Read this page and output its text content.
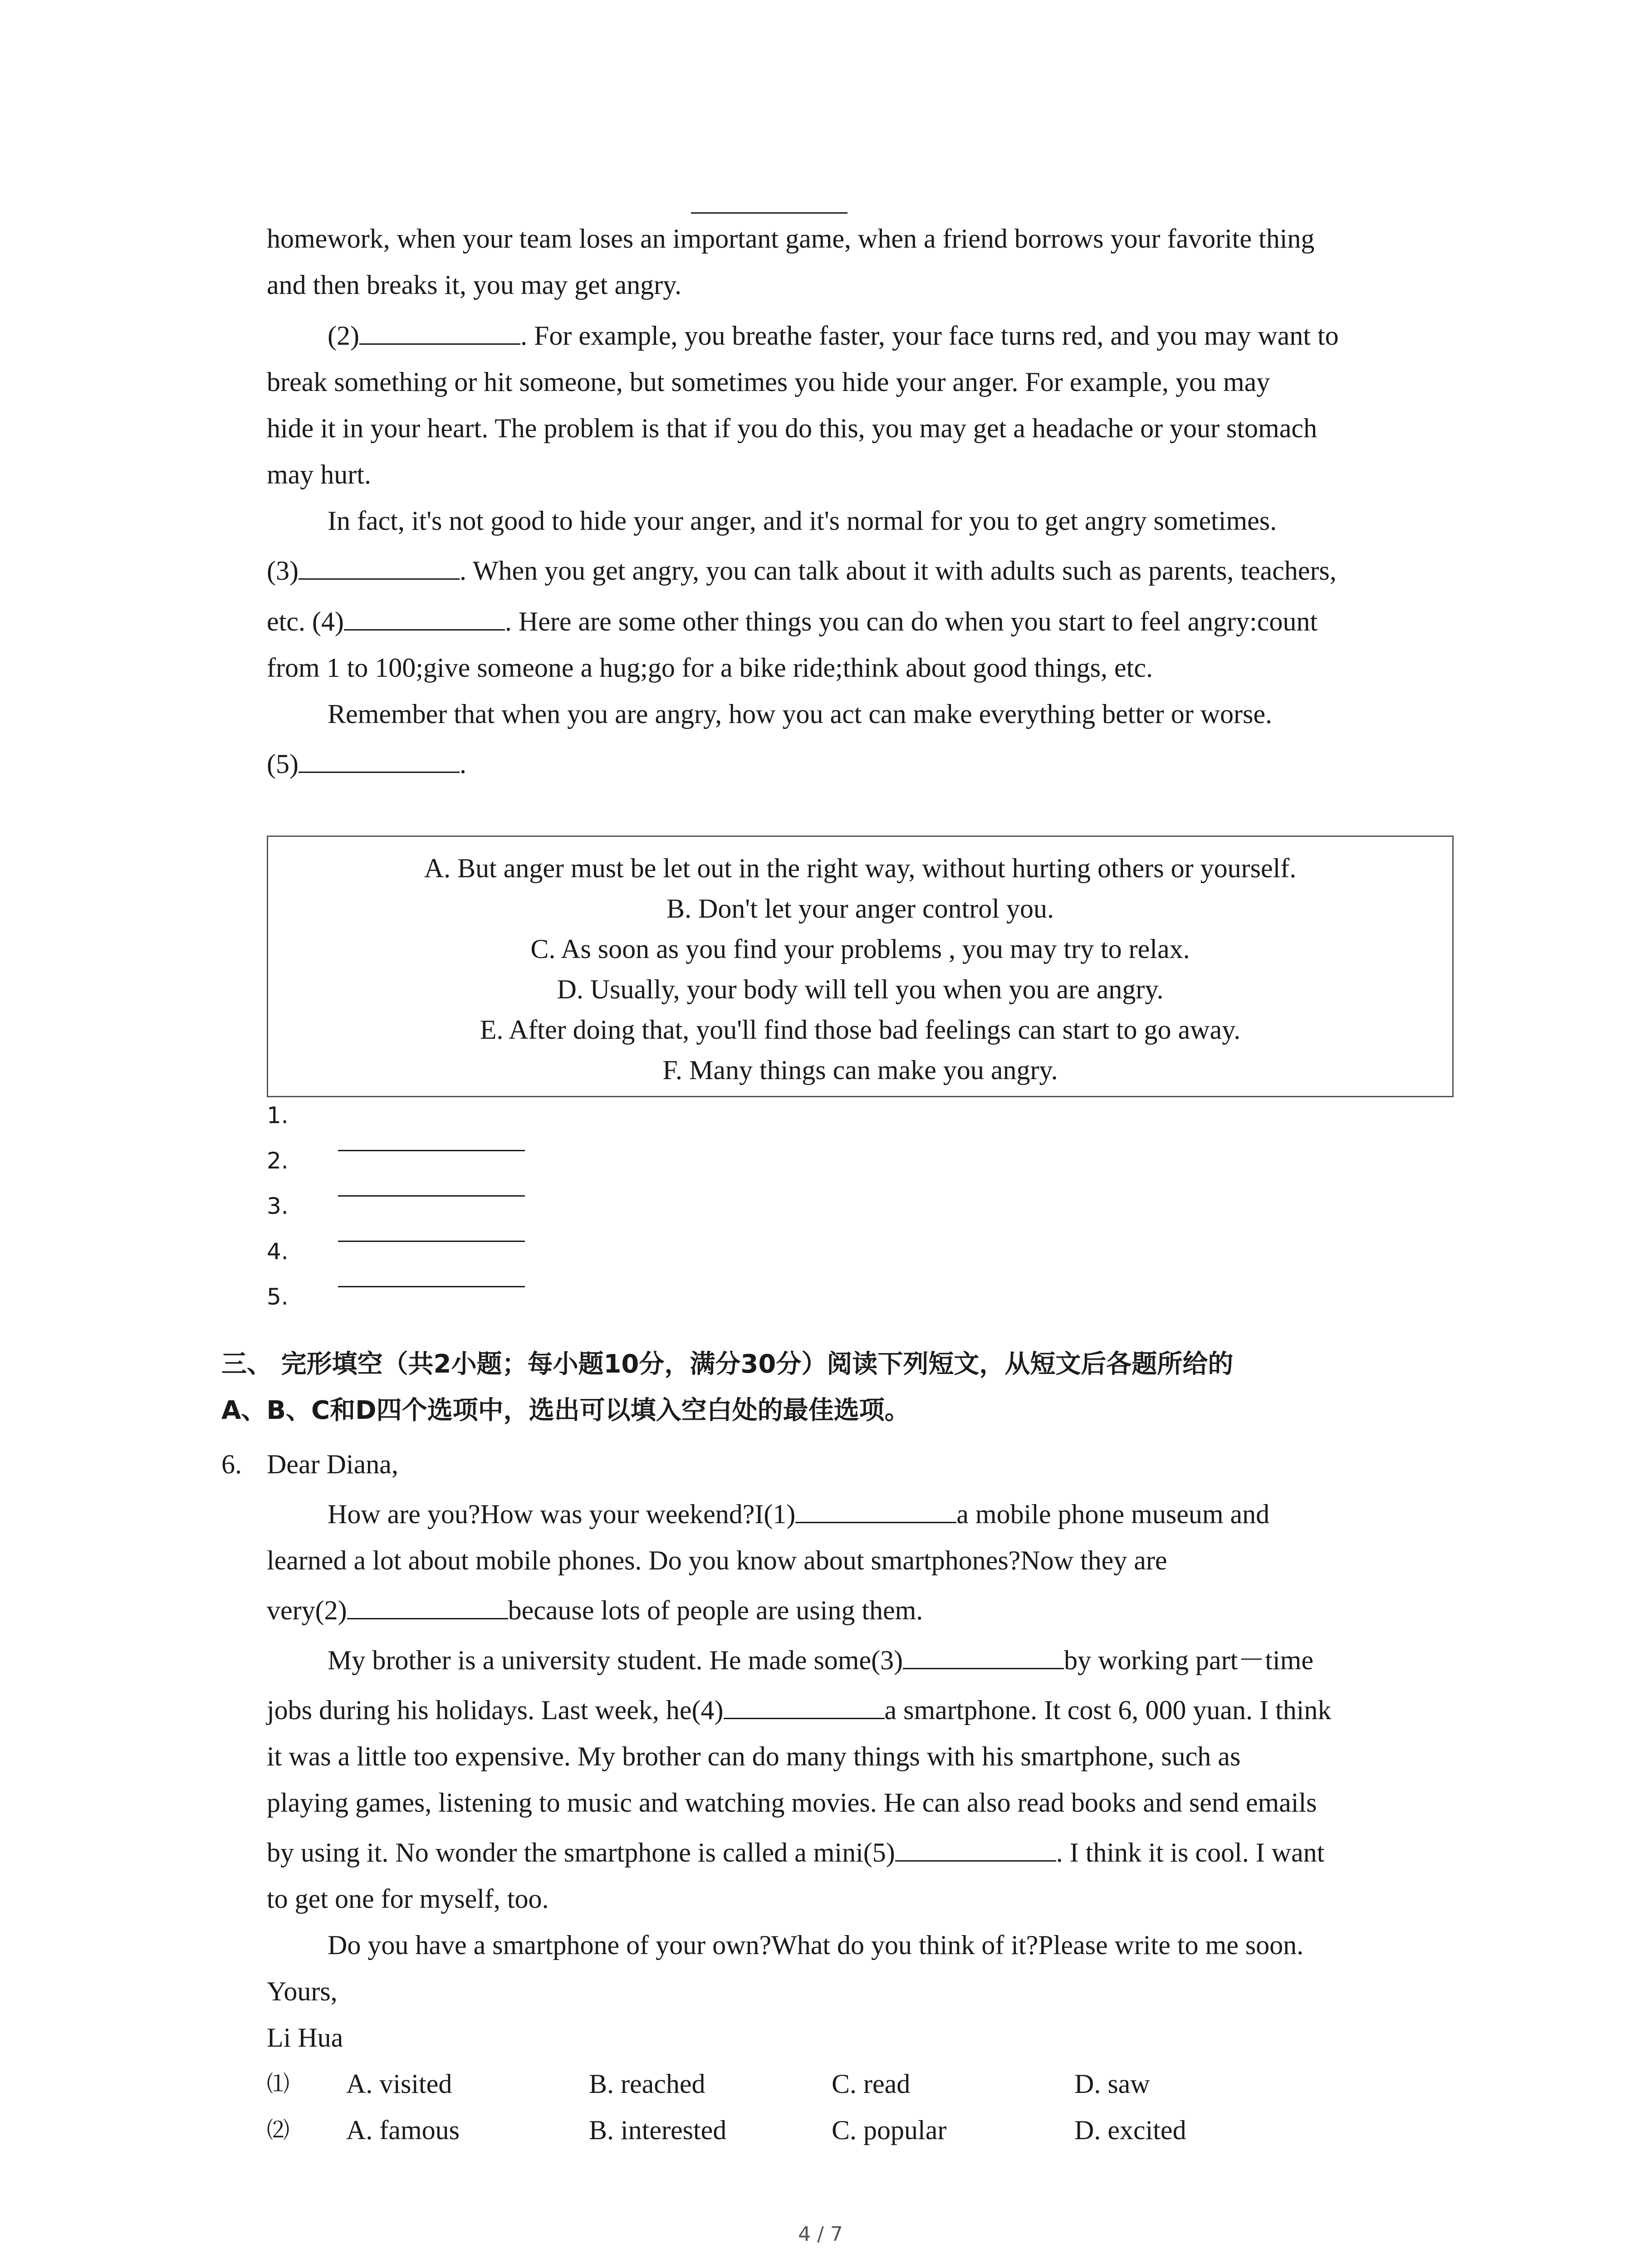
homework, when your team loses an important game, when a friend borrows your favorite thing
and then breaks it, you may get angry.
(2)	. For example, you breathe faster, your face turns red, and you may want to
break something or hit someone, but sometimes you hide your anger. For example, you may
hide it in your heart. The problem is that if you do this, you may get a headache or your stomach
may hurt.
In fact, it's not good to hide your anger, and it's normal for you to get angry sometimes.
(3)	. When you get angry, you can talk about it with adults such as parents, teachers,
etc. (4)	. Here are some other things you can do when you start to feel angry:count
from 1 to 100;give someone a hug;go for a bike ride;think about good things, etc.
Remember that when you are angry, how you act can make everything better or worse.
(5)	.
A. But anger must be let out in the right way, without hurting others or yourself.
B. Don't let your anger control you.
C. As soon as you find your problems , you may try to relax.
D. Usually, your body will tell you when you are angry.
E. After doing that, you'll find those bad feelings can start to go away.
F. Many things can make you angry.
1.
2.
3.
4.
5.
三、 完形填空（共2小题；每小题10分，满分30分）阅读下列短文，从短文后各题所给的
A、B、C和D四个选项中，选出可以填入空白处的最佳选项。
6. Dear Diana,
How are you?How was your weekend?I(1)	a mobile phone museum and
learned a lot about mobile phones. Do you know about smartphones?Now they are
very(2)	because lots of people are using them.
My brother is a university student. He made some(3)	by working part－time
jobs during his holidays. Last week, he(4)	a smartphone. It cost 6, 000 yuan. I think
it was a little too expensive. My brother can do many things with his smartphone, such as
playing games, listening to music and watching movies. He can also read books and send emails
by using it. No wonder the smartphone is called a mini(5)	. I think it is cool. I want
to get one for myself, too.
Do you have a smartphone of your own?What do you think of it?Please write to me soon.
Yours,
Li Hua
⑴ A. visited	B. reached	C. read	D. saw
⑵ A. famous	B. interested	C. popular	D. excited
4 / 7
